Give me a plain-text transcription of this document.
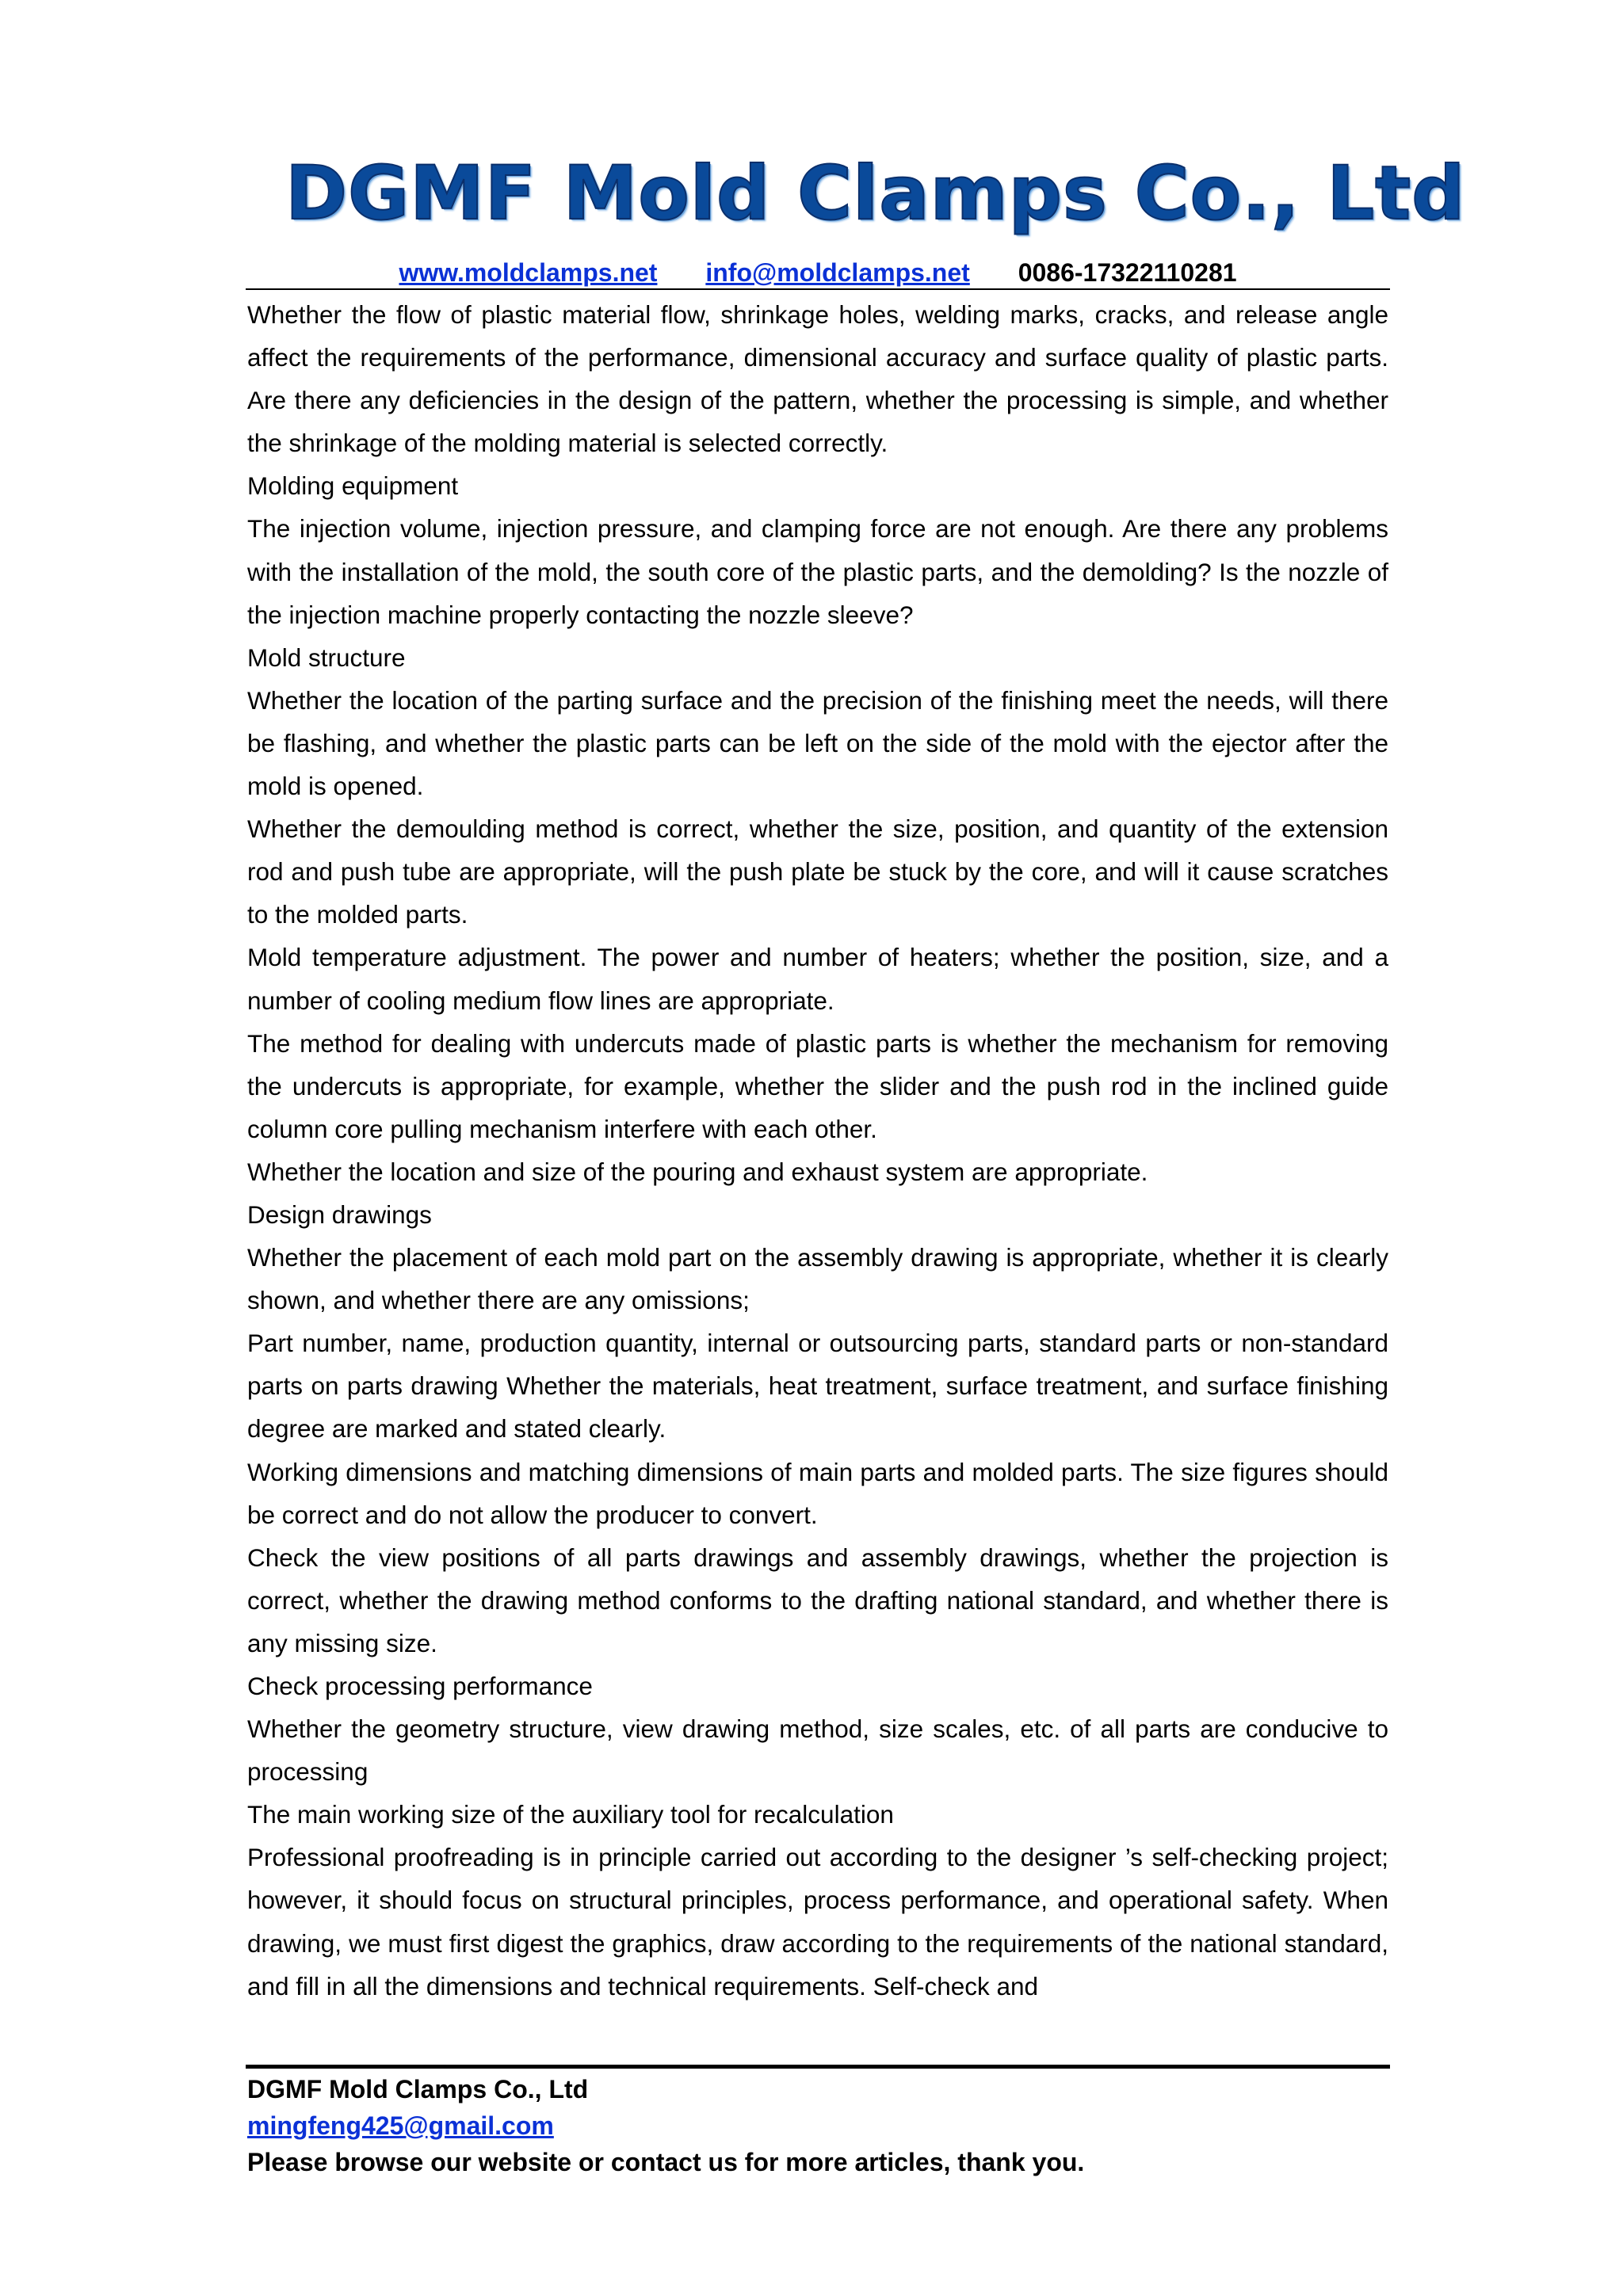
DGMF Mold Clamps Co., Ltd
www.moldclamps.net info@moldclamps.net 0086-17322110281

Whether the flow of plastic material flow, shrinkage holes, welding marks, cracks, and release angle affect the requirements of the performance, dimensional accuracy and surface quality of plastic parts. Are there any deficiencies in the design of the pattern, whether the processing is simple, and whether the shrinkage of the molding material is selected correctly.

Molding equipment

The injection volume, injection pressure, and clamping force are not enough. Are there any problems with the installation of the mold, the south core of the plastic parts, and the demolding? Is the nozzle of the injection machine properly contacting the nozzle sleeve?

Mold structure

Whether the location of the parting surface and the precision of the finishing meet the needs, will there be flashing, and whether the plastic parts can be left on the side of the mold with the ejector after the mold is opened.

Whether the demoulding method is correct, whether the size, position, and quantity of the extension rod and push tube are appropriate, will the push plate be stuck by the core, and will it cause scratches to the molded parts.

Mold temperature adjustment. The power and number of heaters; whether the position, size, and a number of cooling medium flow lines are appropriate.

The method for dealing with undercuts made of plastic parts is whether the mechanism for removing the undercuts is appropriate, for example, whether the slider and the push rod in the inclined guide column core pulling mechanism interfere with each other.

Whether the location and size of the pouring and exhaust system are appropriate.

Design drawings

Whether the placement of each mold part on the assembly drawing is appropriate, whether it is clearly shown, and whether there are any omissions;

Part number, name, production quantity, internal or outsourcing parts, standard parts or non-standard parts on parts drawing Whether the materials, heat treatment, surface treatment, and surface finishing degree are marked and stated clearly.

Working dimensions and matching dimensions of main parts and molded parts. The size figures should be correct and do not allow the producer to convert.

Check the view positions of all parts drawings and assembly drawings, whether the projection is correct, whether the drawing method conforms to the drafting national standard, and whether there is any missing size.

Check processing performance

Whether the geometry structure, view drawing method, size scales, etc. of all parts are conducive to processing

The main working size of the auxiliary tool for recalculation

Professional proofreading is in principle carried out according to the designer ’s self-checking project; however, it should focus on structural principles, process performance, and operational safety. When drawing, we must first digest the graphics, draw according to the requirements of the national standard, and fill in all the dimensions and technical requirements. Self-check and

DGMF Mold Clamps Co., Ltd
mingfeng425@gmail.com
Please browse our website or contact us for more articles, thank you.
